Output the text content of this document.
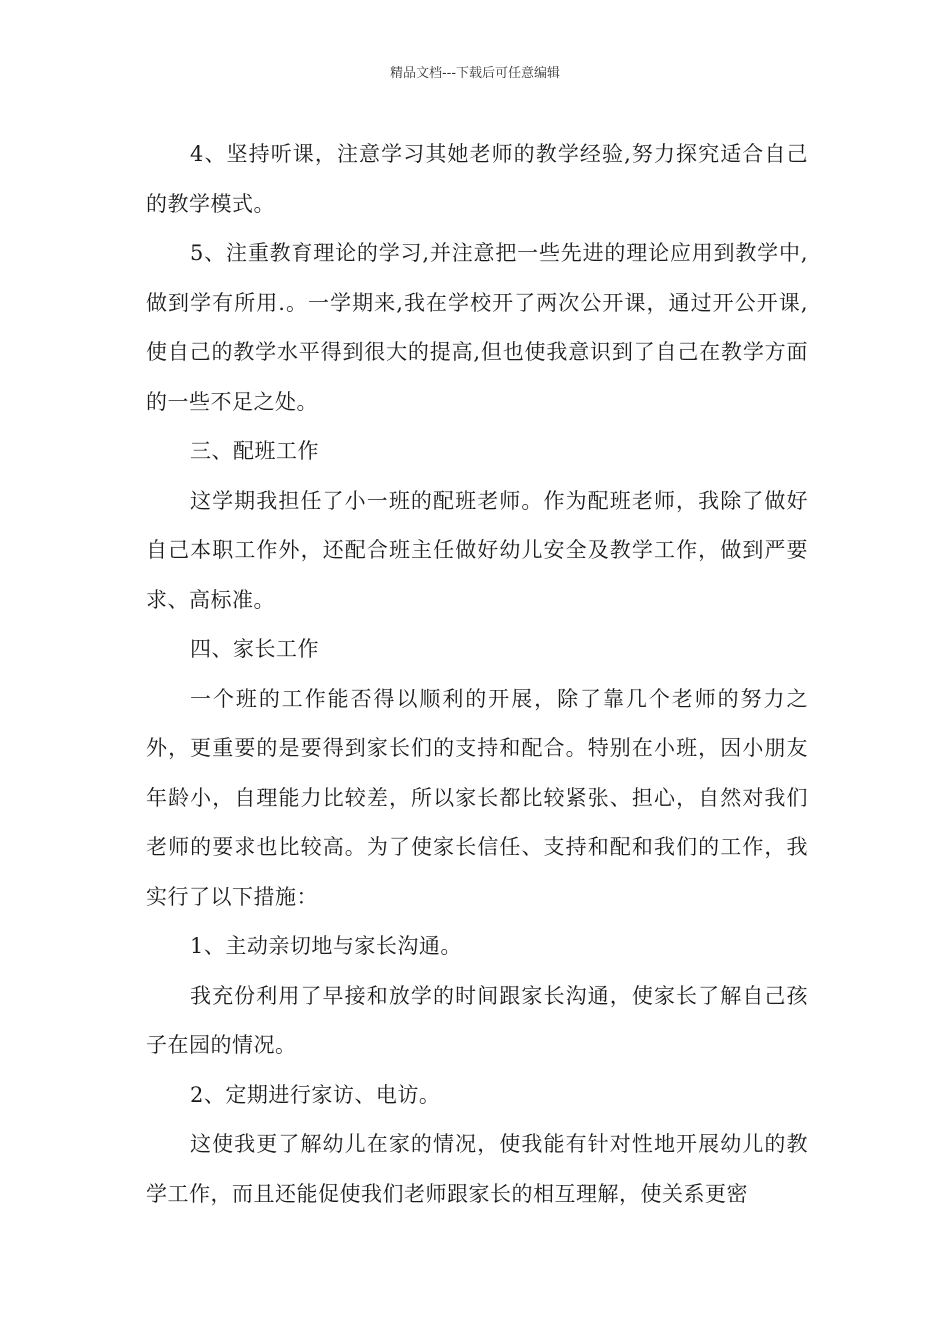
精品文档---下载后可任意编辑

4、坚持听课，注意学习其她老师的教学经验,努力探究适合自己的教学模式。

5、注重教育理论的学习,并注意把一些先进的理论应用到教学中,做到学有所用.。一学期来,我在学校开了两次公开课，通过开公开课,使自己的教学水平得到很大的提高,但也使我意识到了自己在教学方面的一些不足之处。

三、配班工作

这学期我担任了小一班的配班老师。作为配班老师，我除了做好自己本职工作外，还配合班主任做好幼儿安全及教学工作，做到严要求、高标准。

四、家长工作

一个班的工作能否得以顺利的开展，除了靠几个老师的努力之外，更重要的是要得到家长们的支持和配合。特别在小班，因小朋友年龄小，自理能力比较差，所以家长都比较紧张、担心，自然对我们老师的要求也比较高。为了使家长信任、支持和配和我们的工作，我实行了以下措施：

1、主动亲切地与家长沟通。

我充份利用了早接和放学的时间跟家长沟通，使家长了解自己孩子在园的情况。

2、定期进行家访、电访。

这使我更了解幼儿在家的情况，使我能有针对性地开展幼儿的教学工作，而且还能促使我们老师跟家长的相互理解，使关系更密
